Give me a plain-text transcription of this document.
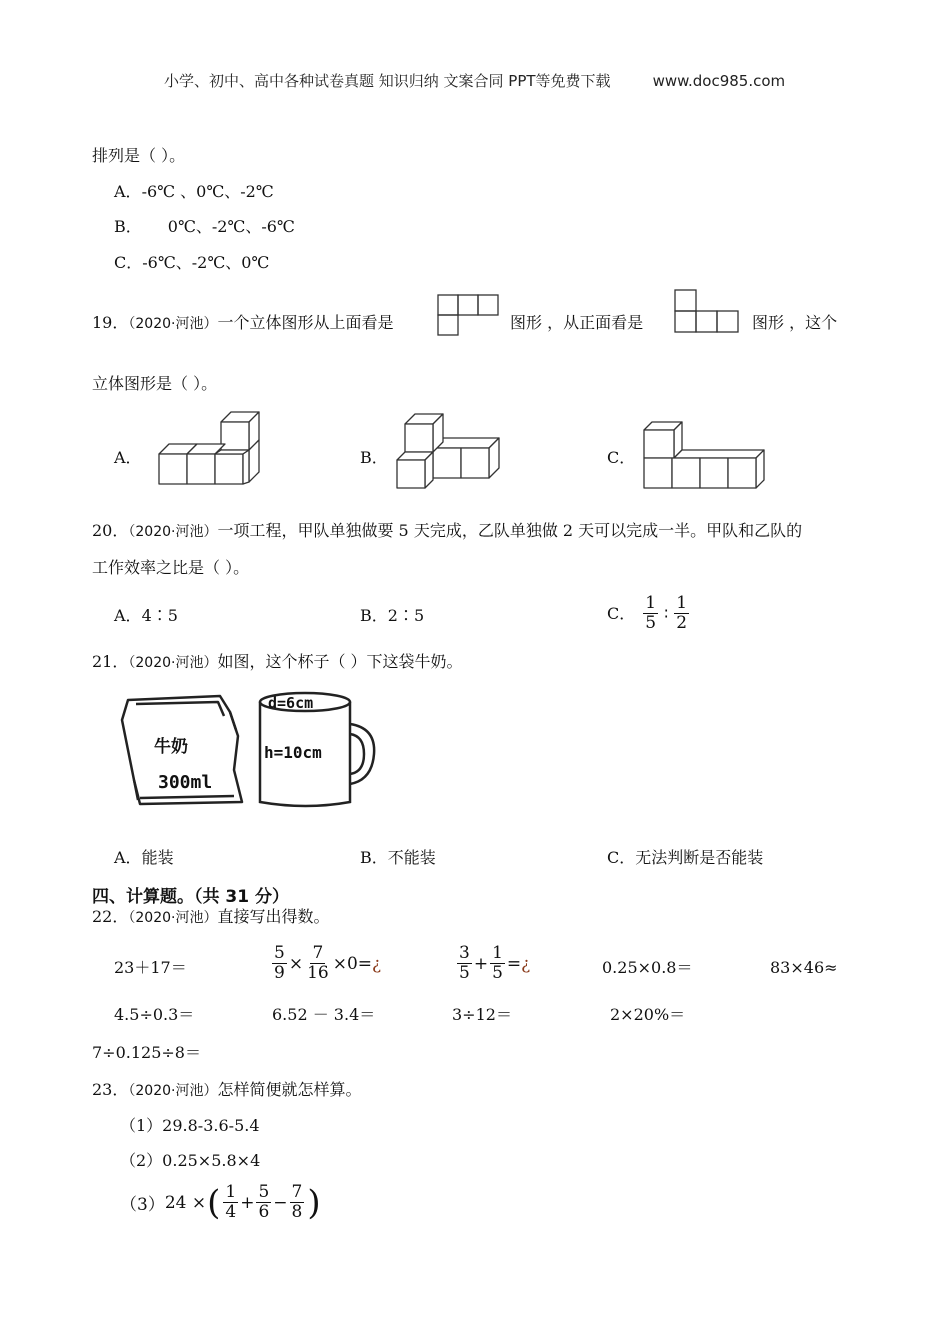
小学、初中、高中各种试卷真题 知识归纳 文案合同 PPT等免费下载	www.doc985.com
排列是（ ）。
A．-6℃ 、0℃、-2℃
B． 0℃、-2℃、-6℃
C．-6℃、-2℃、0℃
19．（2020·河池）一个立体图形从上面看是	图形 ，从正面看是	图形 ，这个
立体图形是（ ）。
A．	B．	C．
20．（2020·河池）一项工程，甲队单独做要 5 天完成，乙队单独做 2 天可以完成一半。甲队和乙队的
工作效率之比是（ ）。
A．4∶5	B．2∶5	C． $\frac{1}{5}$ ∶ $\frac{1}{2}$
21．（2020·河池）如图，这个杯子（ ）下这袋牛奶。
牛奶
300ml
d=6cm
h=10cm
A．能装	B．不能装	C．无法判断是否能装
四、计算题。（共 31 分）
22．（2020·河池）直接写出得数。
23＋17＝	$\frac{5}{9} \times \frac{7}{16} \times 0=$ ¿	$\frac{3}{5} + \frac{1}{5}$ = ¿	0.25×0.8＝	83×46≈
4.5÷0.3＝	6.52 － 3.4＝	3÷12＝	2×20%＝
7÷0.125÷8＝
23．（2020·河池）怎样简便就怎样算。
（1）29.8-3.6-5.4
（2）0.25×5.8×4
（3） 24 × ( $\frac{1}{4} + \frac{5}{6} - \frac{7}{8}$ )
